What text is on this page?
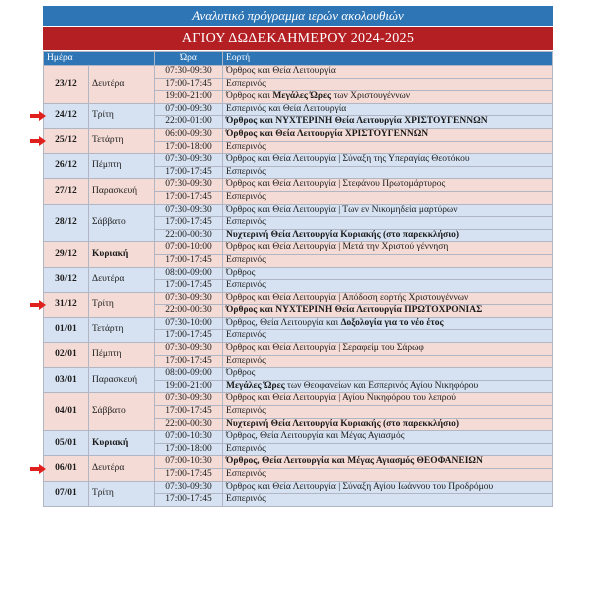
Αναλυτικό πρόγραμμα ιερών ακολουθιών
ΑΓΙΟΥ ΔΩΔΕΚΑΗΜΕΡΟΥ 2024-2025
Ημέρα		Ώρα	Εορτή
23/12	Δευτέρα	07:30-09:30	Όρθρος και Θεία Λειτουργία
		17:00-17:45	Εσπερινός
		19:00-21:00	Όρθρος και Μεγάλες Ώρες των Χριστουγέννων
24/12	Τρίτη	07:00-09:30	Εσπερινός και Θεία Λειτουργία
		22:00-01:00	Όρθρος και ΝΥΧΤΕΡΙΝΗ Θεία Λειτουργία ΧΡΙΣΤΟΥΓΕΝΝΩΝ
25/12	Τετάρτη	06:00-09:30	Όρθρος και Θεία Λειτουργία ΧΡΙΣΤΟΥΓΕΝΝΩΝ
		17:00-18:00	Εσπερινός
26/12	Πέμπτη	07:30-09:30	Όρθρος και Θεία Λειτουργία | Σύναξη της Υπεραγίας Θεοτόκου
		17:00-17:45	Εσπερινός
27/12	Παρασκευή	07:30-09:30	Όρθρος και Θεία Λειτουργία | Στεφάνου Πρωτομάρτυρος
		17:00-17:45	Εσπερινός
28/12	Σάββατο	07:30-09:30	Όρθρος και Θεία Λειτουργία | Των εν Νικομηδεία μαρτύρων
		17:00-17:45	Εσπερινός
		22:00-00:30	Νυχτερινή Θεία Λειτουργία Κυριακής (στο παρεκκλήσιο)
29/12	Κυριακή	07:00-10:00	Όρθρος και Θεία Λειτουργία | Μετά την Χριστού γέννηση
		17:00-17:45	Εσπερινός
30/12	Δευτέρα	08:00-09:00	Όρθρος
		17:00-17:45	Εσπερινός
31/12	Τρίτη	07:30-09:30	Όρθρος και Θεία Λειτουργία | Απόδοση εορτής Χριστουγέννων
		22:00-00:30	Όρθρος και ΝΥΧΤΕΡΙΝΗ Θεία Λειτουργία ΠΡΩΤΟΧΡΟΝΙΑΣ
01/01	Τετάρτη	07:30-10:00	Όρθρος, Θεία Λειτουργία και Δοξολογία για το νέο έτος
		17:00-17:45	Εσπερινός
02/01	Πέμπτη	07:30-09:30	Όρθρος και Θεία Λειτουργία | Σεραφείμ του Σάρωφ
		17:00-17:45	Εσπερινός
03/01	Παρασκευή	08:00-09:00	Όρθρος
		19:00-21:00	Μεγάλες Ώρες των Θεοφανείων και Εσπερινός Αγίου Νικηφόρου
04/01	Σάββατο	07:30-09:30	Όρθρος και Θεία Λειτουργία | Αγίου Νικηφόρου του λεπρού
		17:00-17:45	Εσπερινός
		22:00-00:30	Νυχτερινή Θεία Λειτουργία Κυριακής (στο παρεκκλήσιο)
05/01	Κυριακή	07:00-10:30	Όρθρος, Θεία Λειτουργία και Μέγας Αγιασμός
		17:00-18:00	Εσπερινός
06/01	Δευτέρα	07:00-10:30	Όρθρος, Θεία Λειτουργία και Μέγας Αγιασμός ΘΕΟΦΑΝΕΙΩΝ
		17:00-17:45	Εσπερινός
07/01	Τρίτη	07:30-09:30	Όρθρος και Θεία Λειτουργία | Σύναξη Αγίου Ιωάννου του Προδρόμου
		17:00-17:45	Εσπερινός
